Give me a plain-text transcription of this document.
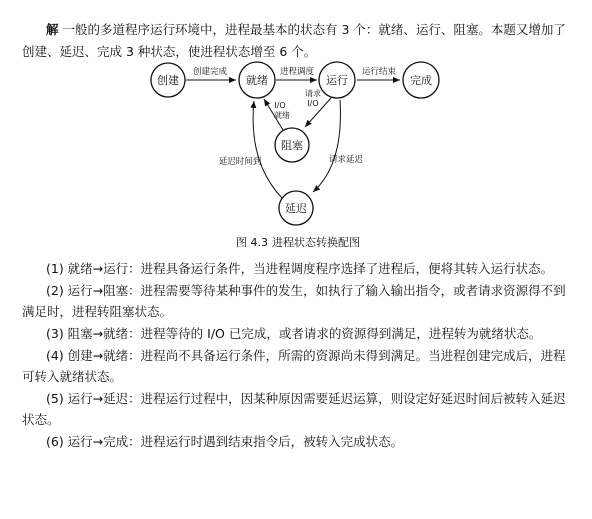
解 一般的多道程序运行环境中，进程最基本的状态有 3 个：就绪、运行、阻塞。本题又增加了创建、延迟、完成 3 种状态，使进程状态增至 6 个。

创建	就绪	运行	完成
阻塞
延迟
创建完成	进程调度	运行结束
请求
I/O
I/O
就绪
延迟时间到	请求延迟
图 4.3 进程状态转换配图
(1) 就绪→运行：进程具备运行条件，当进程调度程序选择了进程后，便将其转入运行状态。
(2) 运行→阻塞：进程需要等待某种事件的发生，如执行了输入输出指令，或者请求资源得不到满足时，进程转阻塞状态。
(3) 阻塞→就绪：进程等待的 I/O 已完成，或者请求的资源得到满足，进程转为就绪状态。
(4) 创建→就绪：进程尚不具备运行条件，所需的资源尚未得到满足。当进程创建完成后，进程可转入就绪状态。
(5) 运行→延迟：进程运行过程中，因某种原因需要延迟运算，则设定好延迟时间后被转入延迟状态。
(6) 运行→完成：进程运行时遇到结束指令后，被转入完成状态。
